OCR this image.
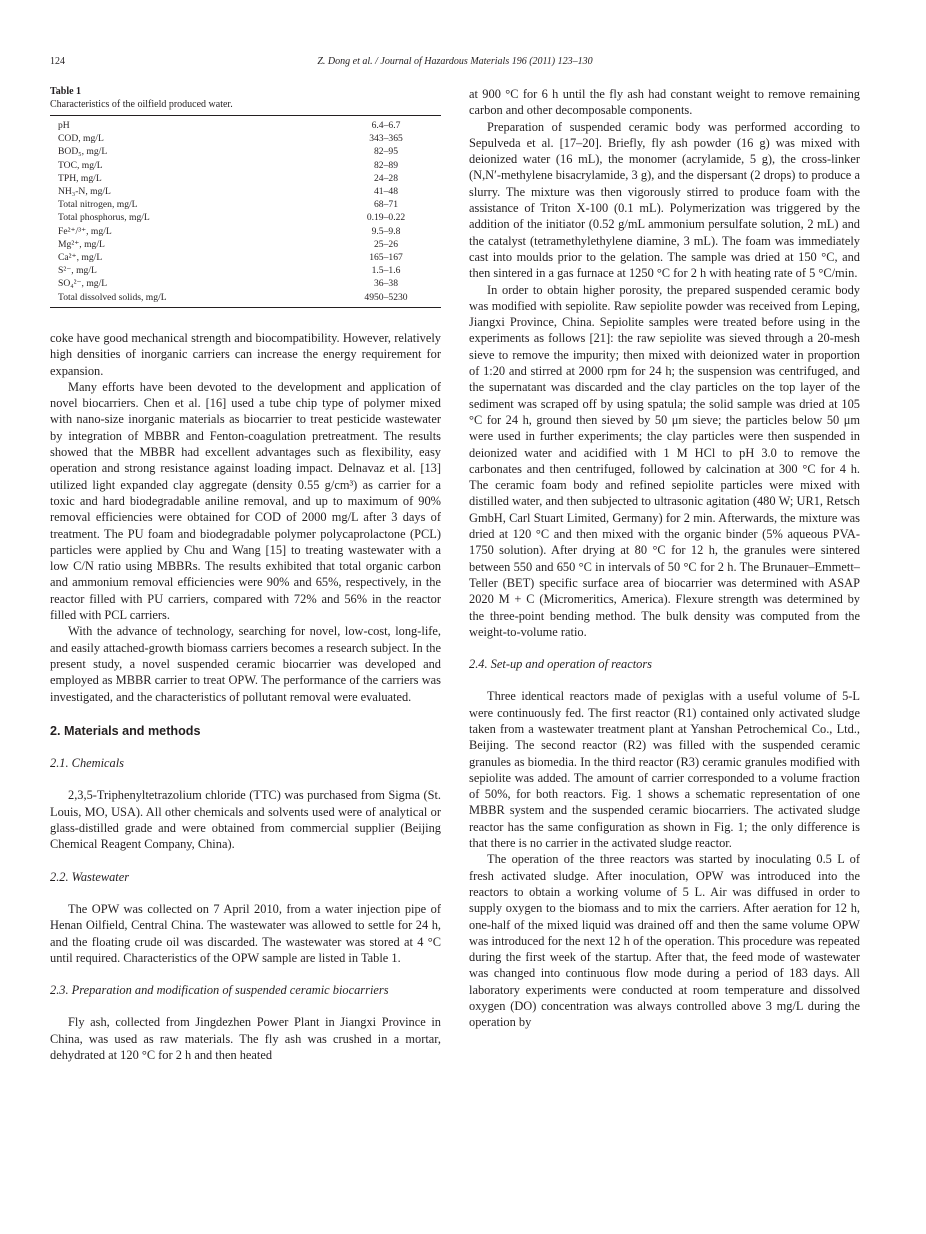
124	Z. Dong et al. / Journal of Hazardous Materials 196 (2011) 123–130
Table 1
Characteristics of the oilfield produced water.
pH	6.4–6.7
COD, mg/L	343–365
BOD₅, mg/L	82–95
TOC, mg/L	82–89
TPH, mg/L	24–28
NH₃-N, mg/L	41–48
Total nitrogen, mg/L	68–71
Total phosphorus, mg/L	0.19–0.22
Fe²⁺/³⁺, mg/L	9.5–9.8
Mg²⁺, mg/L	25–26
Ca²⁺, mg/L	165–167
S²⁻, mg/L	1.5–1.6
SO₄²⁻, mg/L	36–38
Total dissolved solids, mg/L	4950–5230

coke have good mechanical strength and biocompatibility. However, relatively high densities of inorganic carriers can increase the energy requirement for expansion.

Many efforts have been devoted to the development and application of novel biocarriers. Chen et al. [16] used a tube chip type of polymer mixed with nano-size inorganic materials as biocarrier to treat pesticide wastewater by integration of MBBR and Fenton-coagulation pretreatment. The results showed that the MBBR had excellent advantages such as flexibility, easy operation and strong resistance against loading impact. Delnavaz et al. [13] utilized light expanded clay aggregate (density 0.55 g/cm³) as carrier for a toxic and hard biodegradable aniline removal, and up to maximum of 90% removal efficiencies were obtained for COD of 2000 mg/L after 3 days of treatment. The PU foam and biodegradable polymer polycaprolactone (PCL) particles were applied by Chu and Wang [15] to treating wastewater with a low C/N ratio using MBBRs. The results exhibited that total organic carbon and ammonium removal efficiencies were 90% and 65%, respectively, in the reactor filled with PU carriers, compared with 72% and 56% in the reactor filled with PCL carriers.

With the advance of technology, searching for novel, low-cost, long-life, and easily attached-growth biomass carriers becomes a research subject. In the present study, a novel suspended ceramic biocarrier was developed and employed as MBBR carrier to treat OPW. The performance of the carriers was investigated, and the characteristics of pollutant removal were evaluated.

2. Materials and methods
2.1. Chemicals

2,3,5-Triphenyltetrazolium chloride (TTC) was purchased from Sigma (St. Louis, MO, USA). All other chemicals and solvents used were of analytical or glass-distilled grade and were obtained from commercial supplier (Beijing Chemical Reagent Company, China).

2.2. Wastewater

The OPW was collected on 7 April 2010, from a water injection pipe of Henan Oilfield, Central China. The wastewater was allowed to settle for 24 h, and the floating crude oil was discarded. The wastewater was stored at 4 °C until required. Characteristics of the OPW sample are listed in Table 1.

2.3. Preparation and modification of suspended ceramic biocarriers

Fly ash, collected from Jingdezhen Power Plant in Jiangxi Province in China, was used as raw materials. The fly ash was crushed in a mortar, dehydrated at 120 °C for 2 h and then heated

at 900 °C for 6 h until the fly ash had constant weight to remove remaining carbon and other decomposable components.

Preparation of suspended ceramic body was performed according to Sepulveda et al. [17–20]. Briefly, fly ash powder (16 g) was mixed with deionized water (16 mL), the monomer (acrylamide, 5 g), the cross-linker (N,N′-methylene bisacrylamide, 3 g), and the dispersant (2 drops) to produce a slurry. The mixture was then vigorously stirred to produce foam with the assistance of Triton X-100 (0.1 mL). Polymerization was triggered by the addition of the initiator (0.52 g/mL ammonium persulfate solution, 2 mL) and the catalyst (tetramethylethylene diamine, 3 mL). The foam was immediately cast into moulds prior to the gelation. The sample was dried at 150 °C, and then sintered in a gas furnace at 1250 °C for 2 h with heating rate of 5 °C/min.

In order to obtain higher porosity, the prepared suspended ceramic body was modified with sepiolite. Raw sepiolite powder was received from Leping, Jiangxi Province, China. Sepiolite samples were treated before using in the experiments as follows [21]: the raw sepiolite was sieved through a 20-mesh sieve to remove the impurity; then mixed with deionized water in proportion of 1:20 and stirred at 2000 rpm for 24 h; the suspension was centrifuged, and the supernatant was discarded and the clay particles on the top layer of the sediment was scraped off by using spatula; the solid sample was dried at 105 °C for 24 h, ground then sieved by 50 μm sieve; the particles below 50 μm were used in further experiments; the clay particles were then suspended in deionized water and acidified with 1 M HCl to pH 3.0 to remove the carbonates and then centrifuged, followed by calcination at 300 °C for 4 h. The ceramic foam body and refined sepiolite particles were mixed with distilled water, and then subjected to ultrasonic agitation (480 W; UR1, Retsch GmbH, Carl Stuart Limited, Germany) for 2 min. Afterwards, the mixture was dried at 120 °C and then mixed with the organic binder (5% aqueous PVA-1750 solution). After drying at 80 °C for 12 h, the granules were sintered between 550 and 650 °C in intervals of 50 °C for 2 h. The Brunauer–Emmett–Teller (BET) specific surface area of biocarrier was determined with ASAP 2020 M + C (Micromeritics, America). Flexure strength was determined by the three-point bending method. The bulk density was computed from the weight-to-volume ratio.

2.4. Set-up and operation of reactors

Three identical reactors made of pexiglas with a useful volume of 5-L were continuously fed. The first reactor (R1) contained only activated sludge taken from a wastewater treatment plant at Yanshan Petrochemical Co., Ltd., Beijing. The second reactor (R2) was filled with the suspended ceramic granules as biomedia. In the third reactor (R3) ceramic granules modified with sepiolite was added. The amount of carrier corresponded to a volume fraction of 50%, for both reactors. Fig. 1 shows a schematic representation of one MBBR system and the suspended ceramic biocarriers. The activated sludge reactor has the same configuration as shown in Fig. 1; the only difference is that there is no carrier in the activated sludge reactor.

The operation of the three reactors was started by inoculating 0.5 L of fresh activated sludge. After inoculation, OPW was introduced into the reactors to obtain a working volume of 5 L. Air was diffused in order to supply oxygen to the biomass and to mix the carriers. After aeration for 12 h, one-half of the mixed liquid was drained off and then the same volume OPW was introduced for the next 12 h of the operation. This procedure was repeated during the first week of the startup. After that, the feed mode of wastewater was changed into continuous flow mode during a period of 183 days. All laboratory experiments were conducted at room temperature and dissolved oxygen (DO) concentration was always controlled above 3 mg/L during the operation by
